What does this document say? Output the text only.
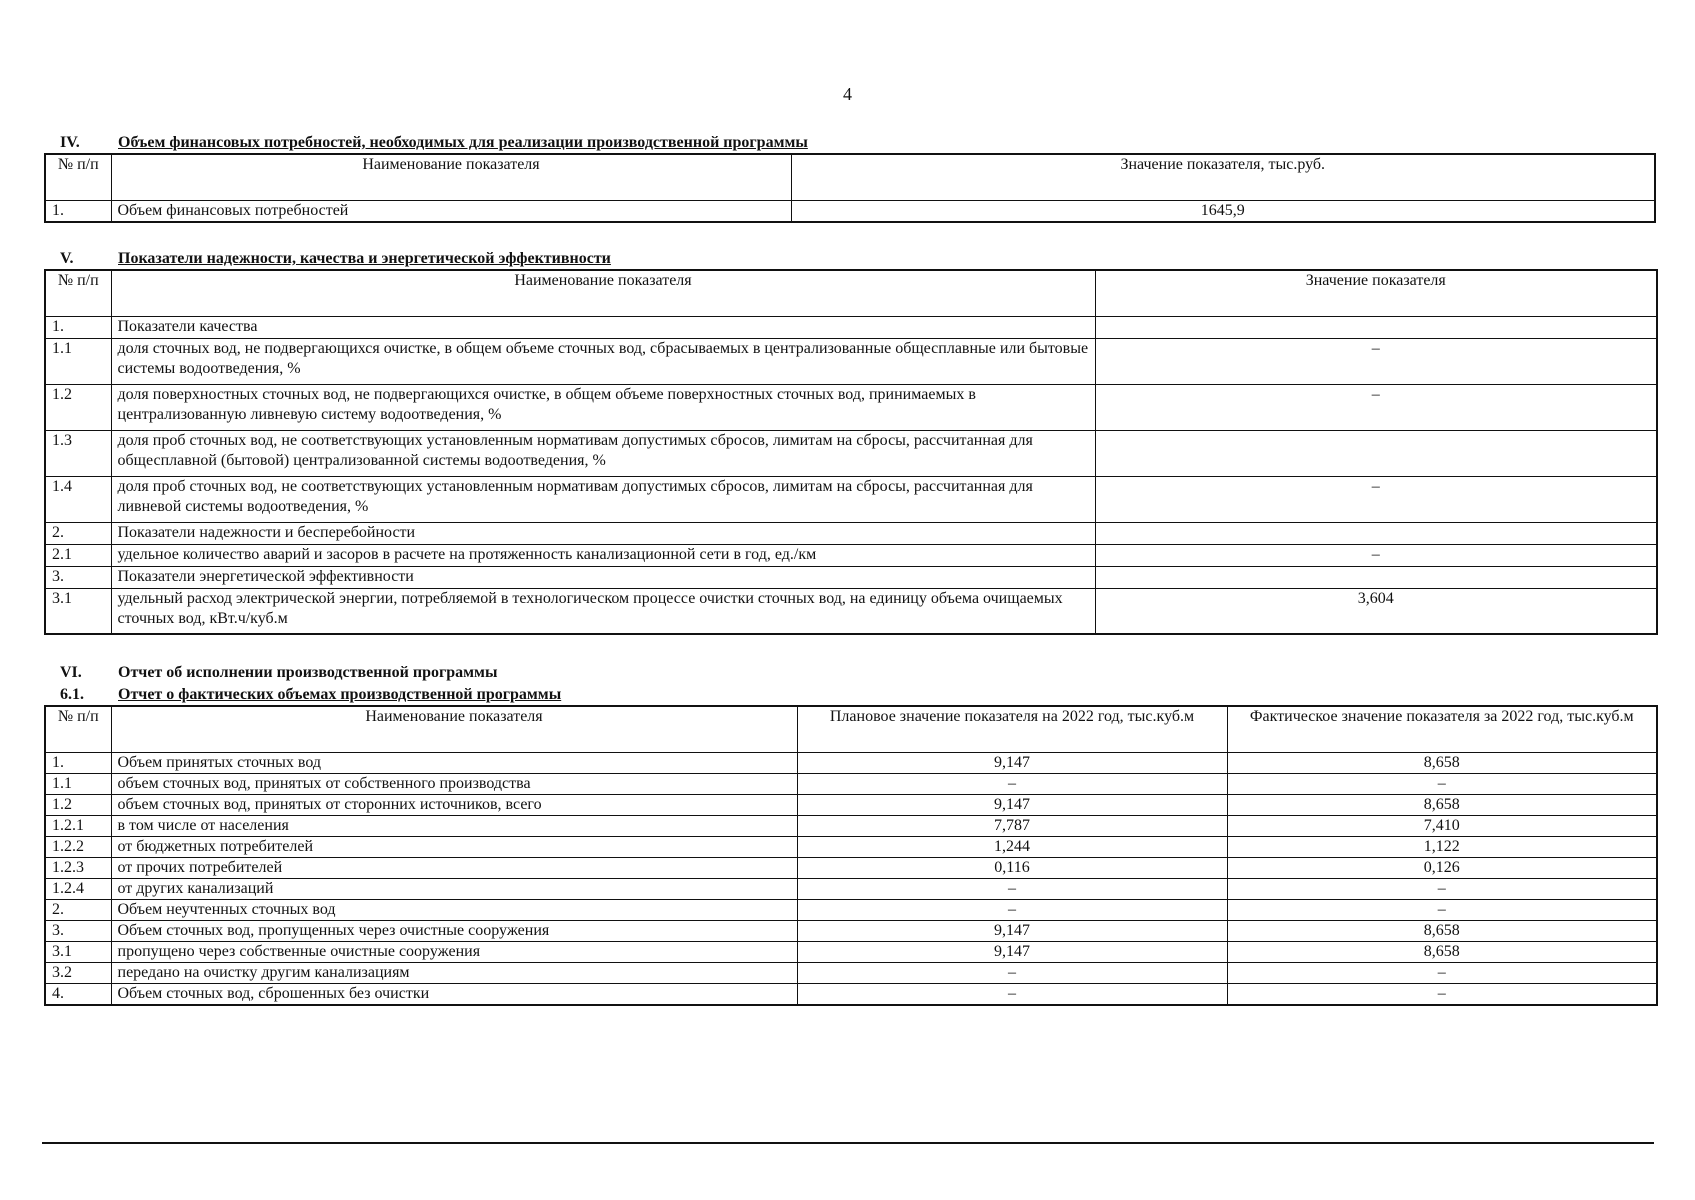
4
IV. Объем финансовых потребностей, необходимых для реализации производственной программы
№ п/п	Наименование показателя	Значение показателя, тыс.руб.
1.	Объем финансовых потребностей	1645,9
V.	Показатели надежности, качества и энергетической эффективности
№ п/п	Наименование показателя	Значение показателя
1.	Показатели качества	
1.1	доля сточных вод, не подвергающихся очистке, в общем объеме сточных вод, сбрасываемых в централизованные общесплавные или бытовые системы водоотведения, %	–
1.2	доля поверхностных сточных вод, не подвергающихся очистке, в общем объеме поверхностных сточных вод, принимаемых в централизованную ливневую систему водоотведения, %	–
1.3	доля проб сточных вод, не соответствующих установленным нормативам допустимых сбросов, лимитам на сбросы, рассчитанная для общесплавной (бытовой) централизованной системы водоотведения, %	
1.4	доля проб сточных вод, не соответствующих установленным нормативам допустимых сбросов, лимитам на сбросы, рассчитанная для ливневой системы водоотведения, %	–
2.	Показатели надежности и бесперебойности	
2.1	удельное количество аварий и засоров в расчете на протяженность канализационной сети в год, ед./км	–
3.	Показатели энергетической эффективности	
3.1	удельный расход электрической энергии, потребляемой в технологическом процессе очистки сточных вод, на единицу объема очищаемых сточных вод, кВт.ч/куб.м	3,604
VI. Отчет об исполнении производственной программы
6.1. Отчет о фактических объемах производственной программы
№ п/п	Наименование показателя	Плановое значение показателя на 2022 год, тыс.куб.м	Фактическое значение показателя за 2022 год, тыс.куб.м
1.	Объем принятых сточных вод	9,147	8,658
1.1	объем сточных вод, принятых от собственного производства	–	–
1.2	объем сточных вод, принятых от сторонних источников, всего	9,147	8,658
1.2.1	в том числе от населения	7,787	7,410
1.2.2	от бюджетных потребителей	1,244	1,122
1.2.3	от прочих потребителей	0,116	0,126
1.2.4	от других канализаций	–	–
2.	Объем неучтенных сточных вод	–	–
3.	Объем сточных вод, пропущенных через очистные сооружения	9,147	8,658
3.1	пропущено через собственные очистные сооружения	9,147	8,658
3.2	передано на очистку другим канализациям	–	–
4.	Объем сточных вод, сброшенных без очистки	–	–
